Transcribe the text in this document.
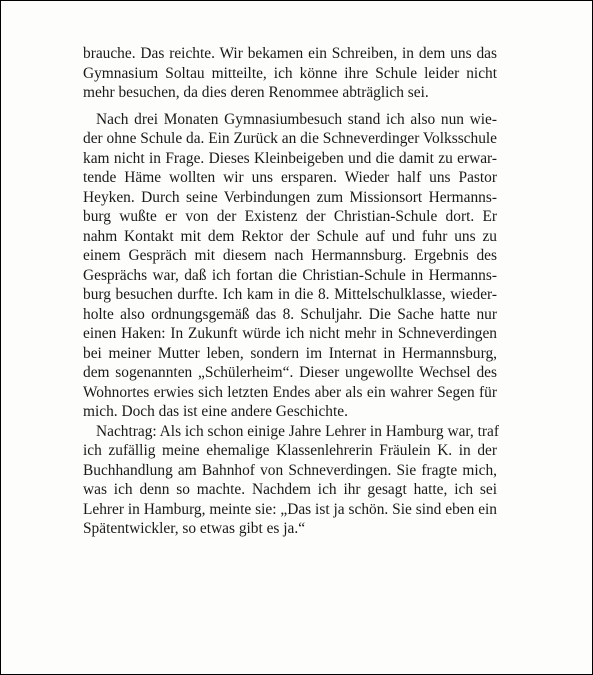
brauche. Das reichte. Wir bekamen ein Schreiben, in dem uns das
Gymnasium Soltau mitteilte, ich könne ihre Schule leider nicht
mehr besuchen, da dies deren Renommee abträglich sei.
Nach drei Monaten Gymnasiumbesuch stand ich also nun wie-
der ohne Schule da. Ein Zurück an die Schneverdinger Volksschule
kam nicht in Frage. Dieses Kleinbeigeben und die damit zu erwar-
tende Häme wollten wir uns ersparen. Wieder half uns Pastor
Heyken. Durch seine Verbindungen zum Missionsort Hermanns-
burg wußte er von der Existenz der Christian-Schule dort. Er
nahm Kontakt mit dem Rektor der Schule auf und fuhr uns zu
einem Gespräch mit diesem nach Hermannsburg. Ergebnis des
Gesprächs war, daß ich fortan die Christian-Schule in Hermanns-
burg besuchen durfte. Ich kam in die 8. Mittelschulklasse, wieder-
holte also ordnungsgemäß das 8. Schuljahr. Die Sache hatte nur
einen Haken: In Zukunft würde ich nicht mehr in Schneverdingen
bei meiner Mutter leben, sondern im Internat in Hermannsburg,
dem sogenannten „Schülerheim“. Dieser ungewollte Wechsel des
Wohnortes erwies sich letzten Endes aber als ein wahrer Segen für
mich. Doch das ist eine andere Geschichte.
Nachtrag: Als ich schon einige Jahre Lehrer in Hamburg war, traf
ich zufällig meine ehemalige Klassenlehrerin Fräulein K. in der
Buchhandlung am Bahnhof von Schneverdingen. Sie fragte mich,
was ich denn so machte. Nachdem ich ihr gesagt hatte, ich sei
Lehrer in Hamburg, meinte sie: „Das ist ja schön. Sie sind eben ein
Spätentwickler, so etwas gibt es ja.“
